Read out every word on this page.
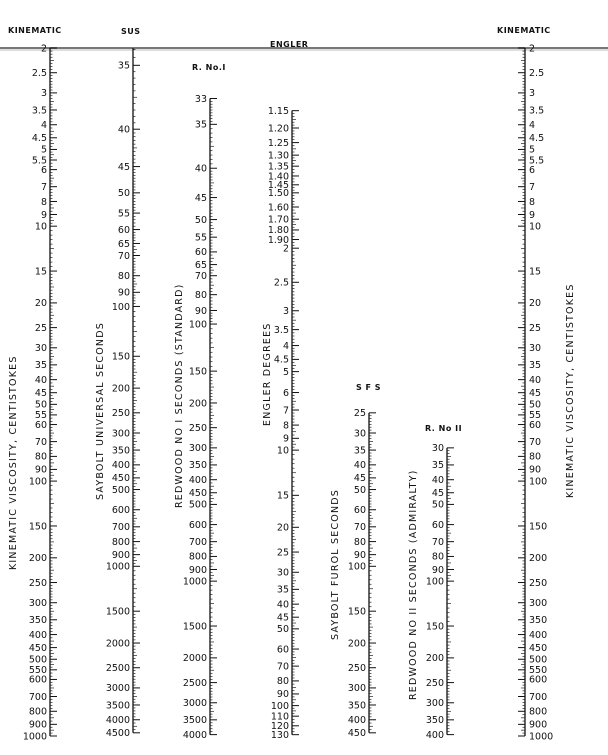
KINEMATIC	SUS
ENGLER
KINEMATIC
R. No.I
S F S
R. No II
KINEMATIC VISCOSITY, CENTISTOKES	SAYBOLT UNIVERSAL SECONDS	REDWOOD NO I SECONDS (STANDARD)	ENGLER DEGREES
SAYBOLT FUROL SECONDS	REDWOOD NO II SECONDS (ADMIRALTY)
KINEMATIC VISCOSITY, CENTISTOKES
2
2.5
3
3.5
4
4.5
5
5.5
6
7
8
9
10
15
20
25
30
35
40
45
50
55
60
70
80
90
100
150
200
250
300
350
400
450
500
550
600
700
800
900
1000
35
40
45
50
55
60
65
70
80
90
100
150
200
250
300
350
400
450
500
600
700
800
900
1000
1500
2000
2500
3000
3500
4000
4500
33
35
40
45
50
55
60
65
70
80
90
100
150
200
250
300
350
400
450
500
600
700
800
900
1000
1500
2000
2500
3000
3500
4000
1.15
1.20
1.25
1.30
1.35
1.40
1.45
1.50
1.60
1.70
1.80
1.90
2
2.5
3
3.5
4
4.5
5
6
7
8
9
10
15
20
25
30
35
40
45
50
60
70
80
90
100
110
120
130
25
30
35
40
45
50
60
70
80
90
100
150
200
250
300
350
400
450
30
35
40
45
50
60
70
80
90
100
150
200
250
300
350
400
2
2.5
3
3.5
4
4.5
5
5.5
6
7
8
9
10
15
20
25
30
35
40
45
50
55
60
70
80
90
100
150
200
250
300
350
400
450
500
550
600
700
800
900
1000
